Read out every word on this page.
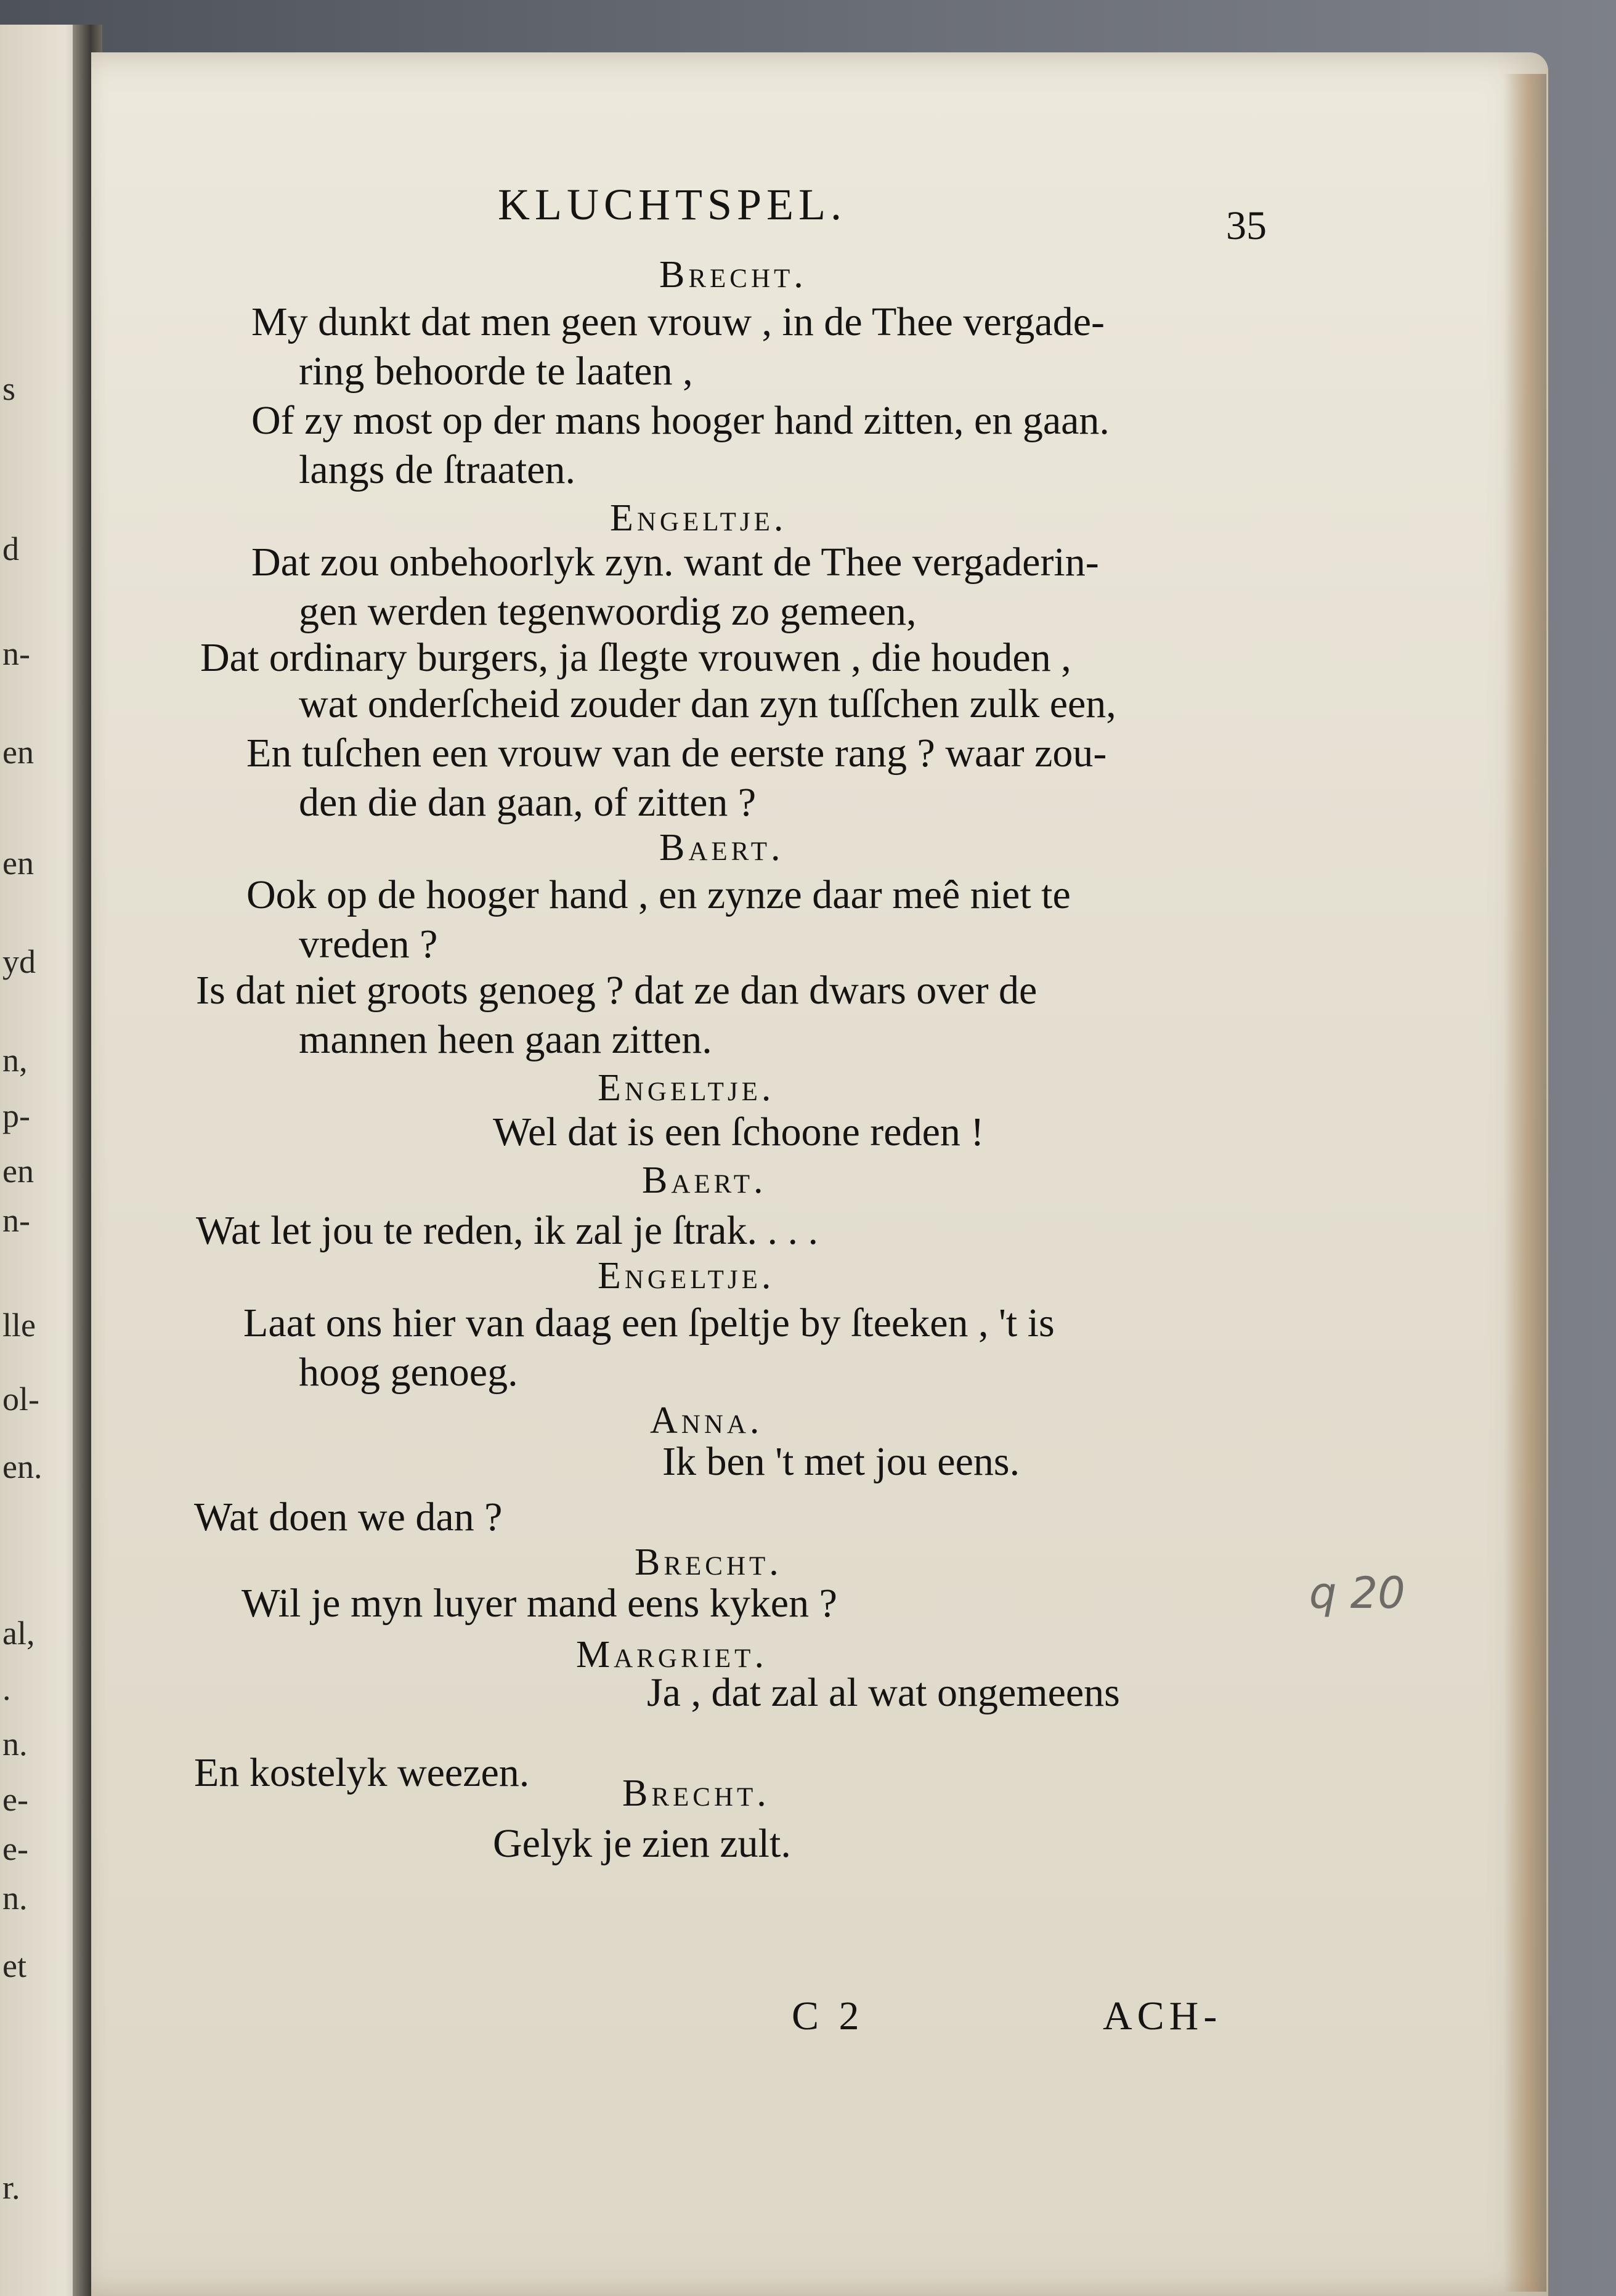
s
d
n-
en
en
yd
n,
p-
en
n-
lle
ol-
en.
al,
.
n.
e-
e-
n.
et
r.
KLUCHTSPEL.	35
Brecht.
My dunkt dat men geen vrouw , in de Thee vergade-
ring behoorde te laaten ,
Of zy most op der mans hooger hand zitten, en gaan.
langs de ſtraaten.
Engeltje.
Dat zou onbehoorlyk zyn. want de Thee vergaderin-
gen werden tegenwoordig zo gemeen,
Dat ordinary burgers, ja ſlegte vrouwen , die houden ,
wat onderſcheid zouder dan zyn tuſſchen zulk een,
En tuſchen een vrouw van de eerste rang ? waar zou-
den die dan gaan, of zitten ?
Baert.
Ook op de hooger hand , en zynze daar meê niet te
vreden ?
Is dat niet groots genoeg ? dat ze dan dwars over de
mannen heen gaan zitten.
Engeltje.
Wel dat is een ſchoone reden !
Baert.
Wat let jou te reden, ik zal je ſtrak. . . .
Engeltje.
Laat ons hier van daag een ſpeltje by ſteeken , 't is
hoog genoeg.
Anna.
Ik ben 't met jou eens.
Wat doen we dan ?
Brecht.
Wil je myn luyer mand eens kyken ?
Margriet.
Ja , dat zal al wat ongemeens
En kostelyk weezen. Brecht.
Gelyk je zien zult.
C 2	ACH-
q 20
